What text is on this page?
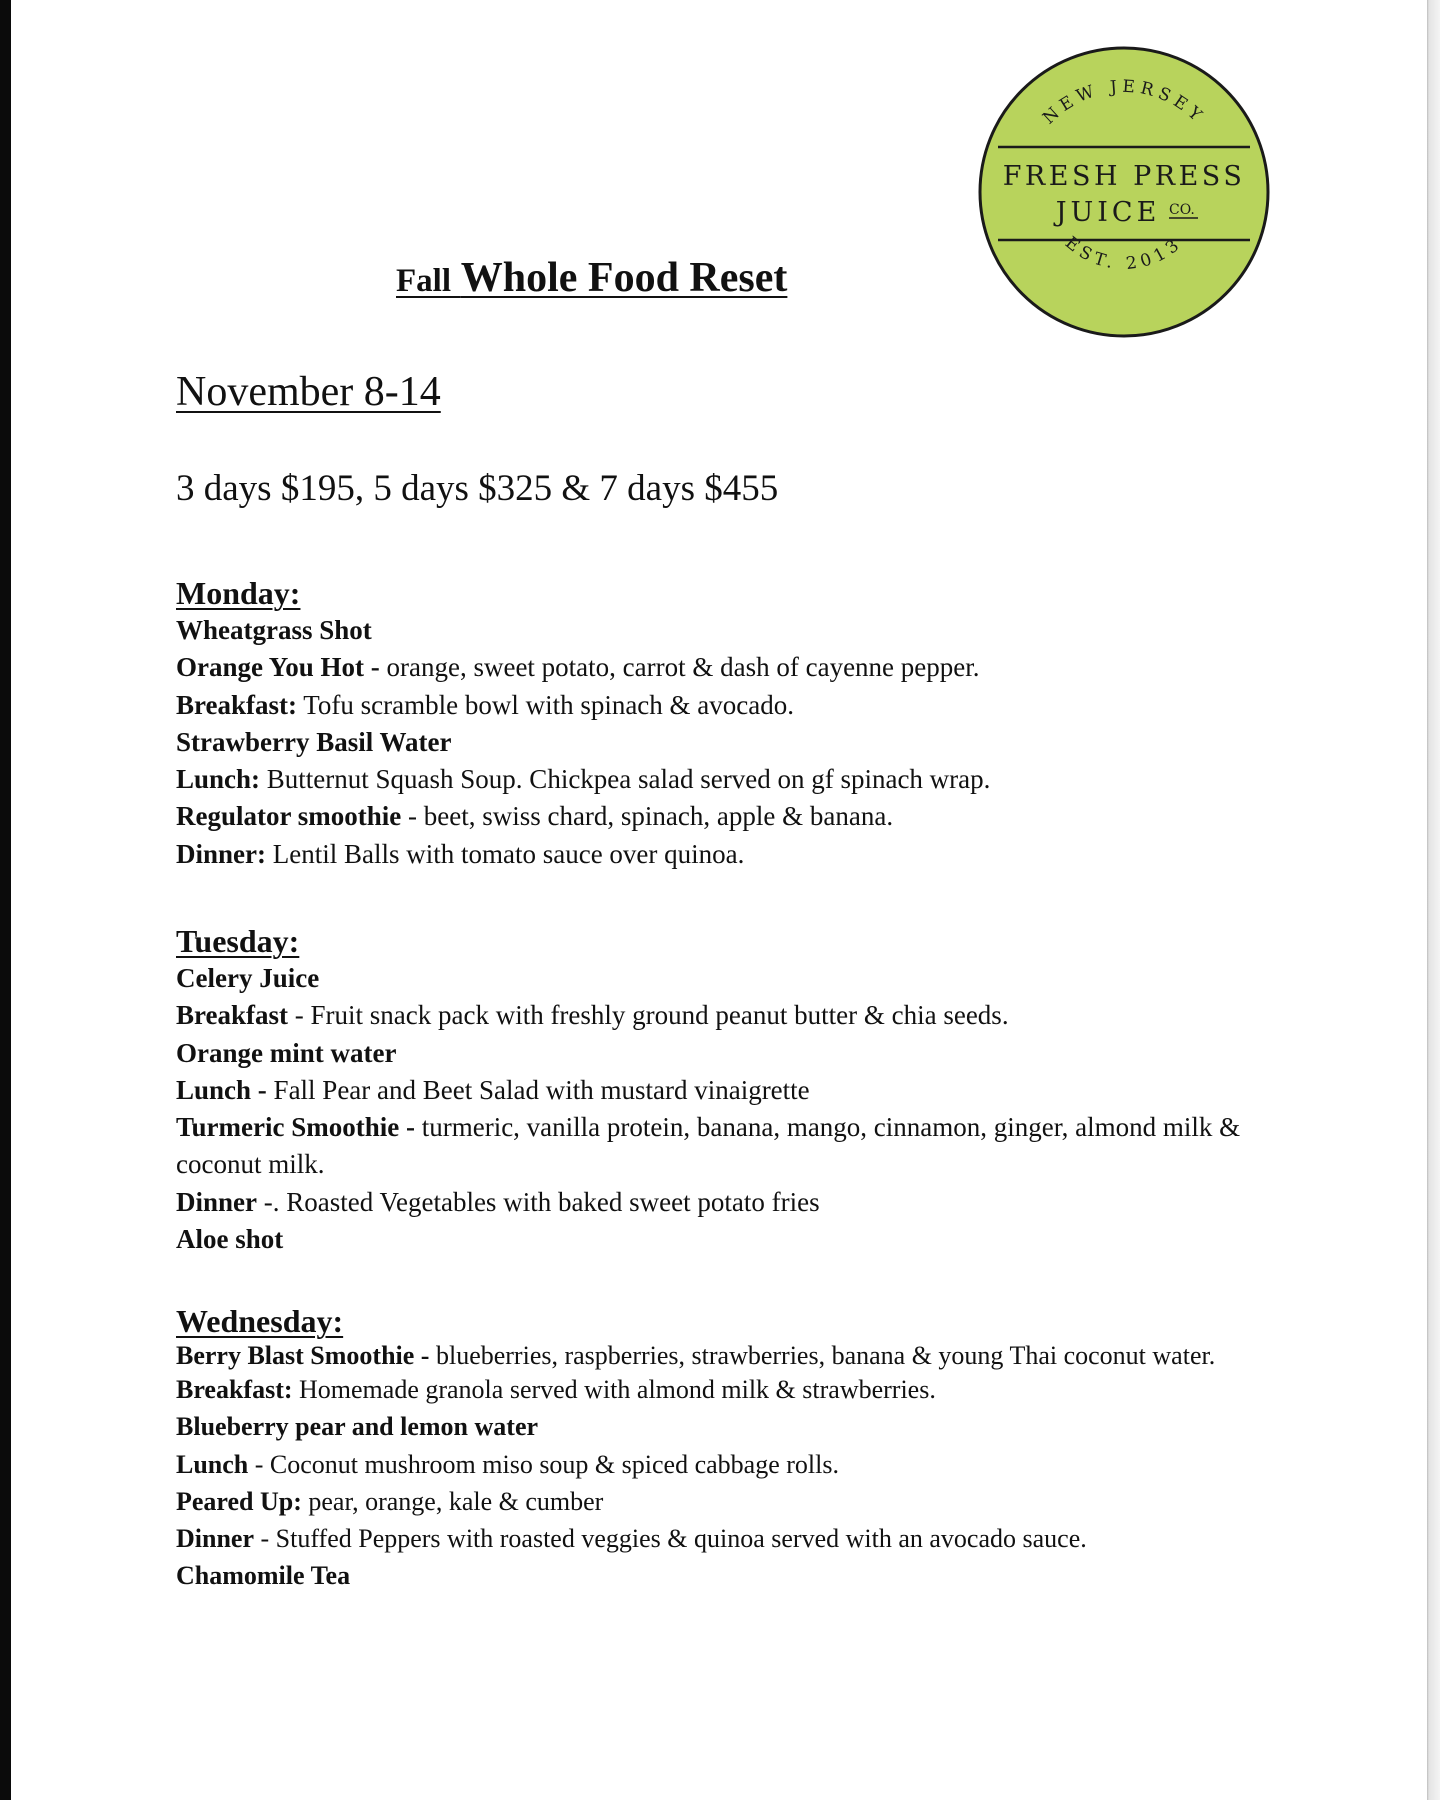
NEW JERSEY
FRESH PRESS
JUICE CO.
EST. 2013
Fall Whole Food Reset

November 8-14

3 days $195, 5 days $325 & 7 days $455

Monday:
Wheatgrass Shot
Orange You Hot - orange, sweet potato, carrot & dash of cayenne pepper.
Breakfast: Tofu scramble bowl with spinach & avocado.
Strawberry Basil Water
Lunch: Butternut Squash Soup. Chickpea salad served on gf spinach wrap.
Regulator smoothie - beet, swiss chard, spinach, apple & banana.
Dinner: Lentil Balls with tomato sauce over quinoa.
Tuesday:
Celery Juice
Breakfast - Fruit snack pack with freshly ground peanut butter & chia seeds.
Orange mint water
Lunch - Fall Pear and Beet Salad with mustard vinaigrette
Turmeric Smoothie - turmeric, vanilla protein, banana, mango, cinnamon, ginger, almond milk & coconut milk.
Dinner -. Roasted Vegetables with baked sweet potato fries
Aloe shot
Wednesday:
Berry Blast Smoothie - blueberries, raspberries, strawberries, banana & young Thai coconut water.
Breakfast: Homemade granola served with almond milk & strawberries.
Blueberry pear and lemon water
Lunch - Coconut mushroom miso soup & spiced cabbage rolls.
Peared Up: pear, orange, kale & cumber
Dinner - Stuffed Peppers with roasted veggies & quinoa served with an avocado sauce.
Chamomile Tea
